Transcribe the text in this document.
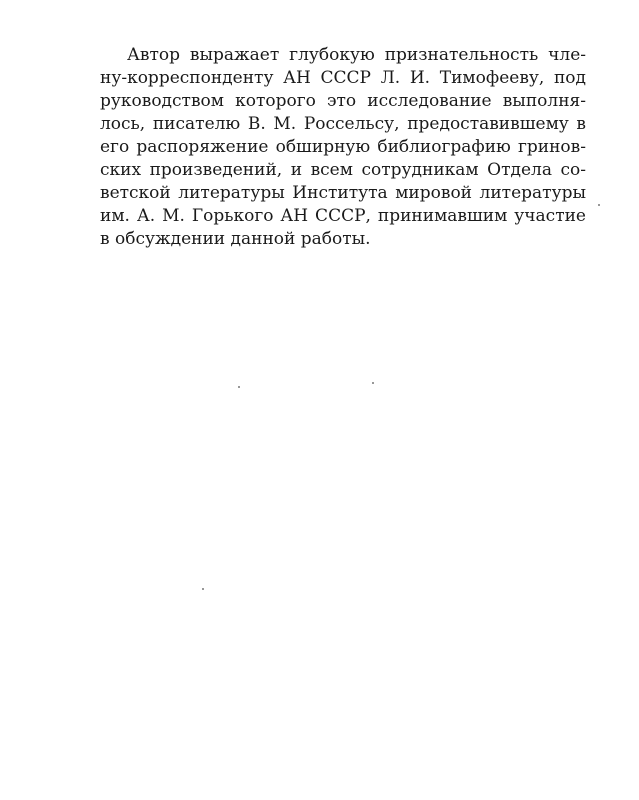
Автор выражает глубокую признательность чле-
ну-корреспонденту АН СССР Л. И. Тимофееву, под
руководством которого это исследование выполня-
лось, писателю В. М. Россельсу, предоставившему в
его распоряжение обширную библиографию гринов-
ских произведений, и всем сотрудникам Отдела со-
ветской литературы Института мировой литературы
им. А. М. Горького АН СССР, принимавшим участие
в обсуждении данной работы.
